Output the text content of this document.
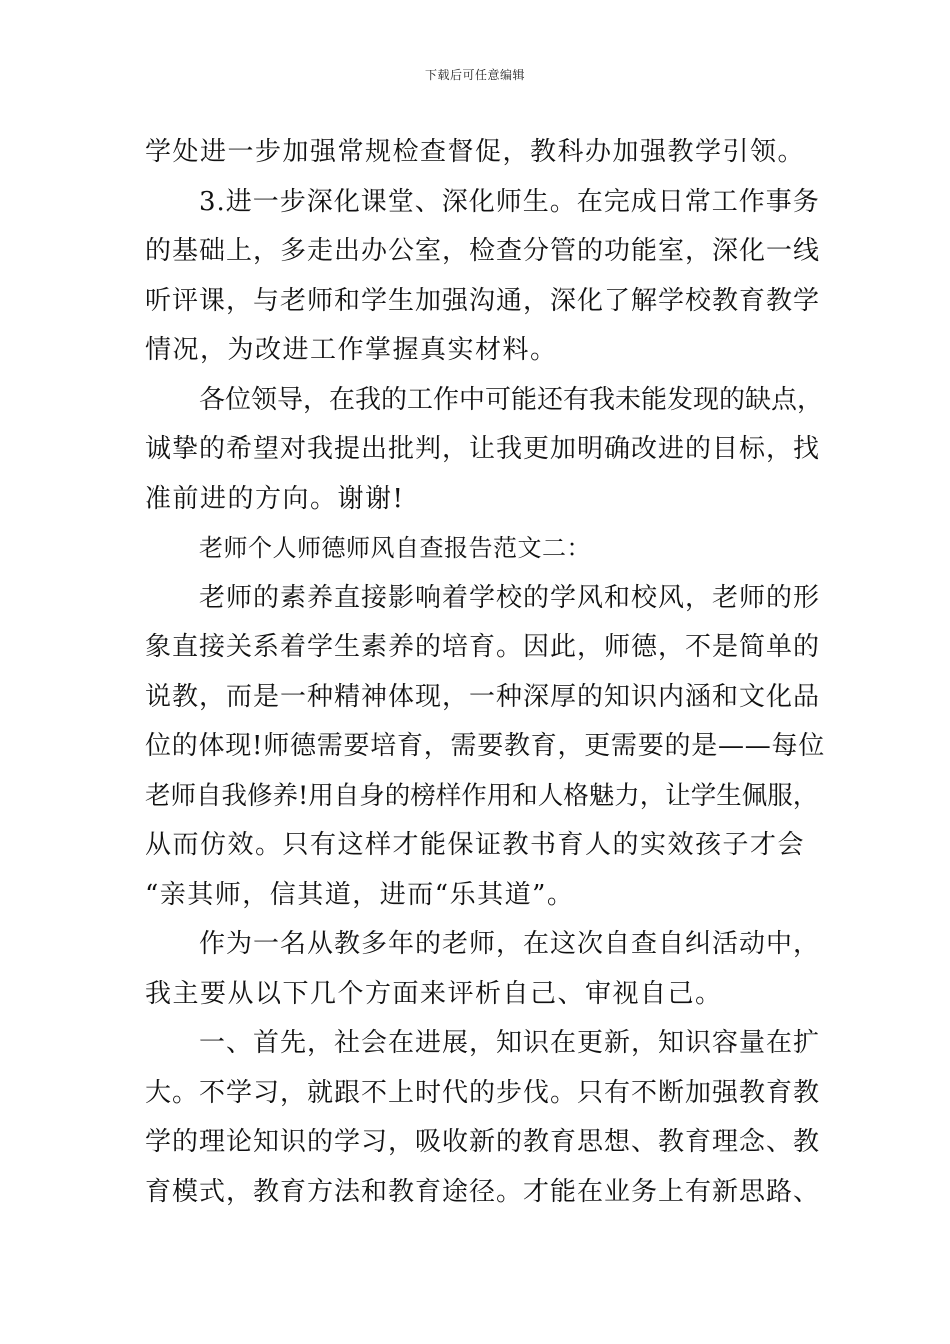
下载后可任意编辑
学处进一步加强常规检查督促，教科办加强教学引领。
3.进一步深化课堂、深化师生。在完成日常工作事务
的基础上，多走出办公室，检查分管的功能室，深化一线
听评课，与老师和学生加强沟通，深化了解学校教育教学
情况，为改进工作掌握真实材料。
各位领导，在我的工作中可能还有我未能发现的缺点，
诚挚的希望对我提出批判，让我更加明确改进的目标，找
准前进的方向。谢谢!
老师个人师德师风自查报告范文二：
老师的素养直接影响着学校的学风和校风，老师的形
象直接关系着学生素养的培育。因此，师德，不是简单的
说教，而是一种精神体现，一种深厚的知识内涵和文化品
位的体现!师德需要培育，需要教育，更需要的是——每位
老师自我修养!用自身的榜样作用和人格魅力，让学生佩服，
从而仿效。只有这样才能保证教书育人的实效孩子才会
“亲其师，信其道，进而“乐其道”。
作为一名从教多年的老师，在这次自查自纠活动中，
我主要从以下几个方面来评析自己、审视自己。
一、首先，社会在进展，知识在更新，知识容量在扩
大。不学习，就跟不上时代的步伐。只有不断加强教育教
学的理论知识的学习，吸收新的教育思想、教育理念、教
育模式，教育方法和教育途径。才能在业务上有新思路、
